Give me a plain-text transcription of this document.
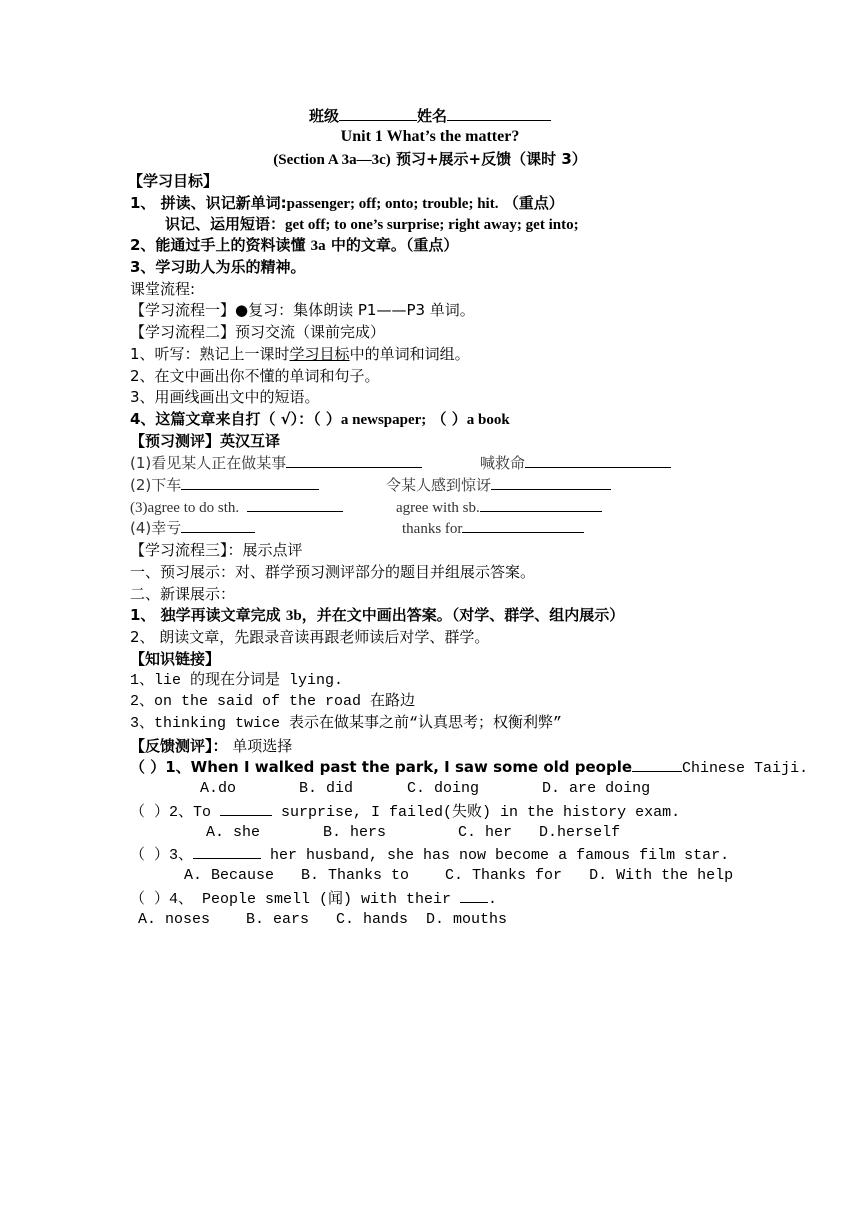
班级	姓名
Unit 1 What’s the matter?
(Section A 3a—3c) 预习+展示+反馈（课时 3）
【学习目标】
1、 拼读、识记新单词:passenger; off; onto; trouble; hit. （重点）
识记、运用短语：get off; to one’s surprise; right away; get into;
2、能通过手上的资料读懂 3a 中的文章。（重点）
3、学习助人为乐的精神。
课堂流程:
【学习流程一】●复习：集体朗读 P1——P3 单词。
【学习流程二】预习交流（课前完成）
1、听写：熟记上一课时学习目标中的单词和词组。
2、在文中画出你不懂的单词和句子。
3、用画线画出文中的短语。
4、这篇文章来自打（ √）：（ ）a newspaper; （ ）a book
【预习测评】英汉互译
(1)看见某人正在做某事	喊救命
(2)下车	令某人感到惊讶
(3)agree to do sth.	agree with sb.
(4)幸亏	thanks for
【学习流程三】：展示点评
一、预习展示：对、群学预习测评部分的题目并组展示答案。
二、新课展示：
1、 独学再读文章完成 3b，并在文中画出答案。（对学、群学、组内展示）
2、 朗读文章，先跟录音读再跟老师读后对学、群学。
【知识链接】
1、lie 的现在分词是 lying.
2、on the said of the road 在路边
3、thinking twice 表示在做某事之前“认真思考；权衡利弊”
【反馈测评】： 单项选择
（ ）1、When I walked past the park, I saw some old people	Chinese Taiji.
A.do       B. did      C. doing       D. are doing
（ ）2、To	surprise, I failed(失败) in the history exam.
A. she       B. hers        C. her   D.herself
（ ）3、	her husband, she has now become a famous film star.
A. Because   B. Thanks to    C. Thanks for   D. With the help
（ ）4、 People smell (闻) with their .
A. noses    B. ears   C. hands  D. mouths
